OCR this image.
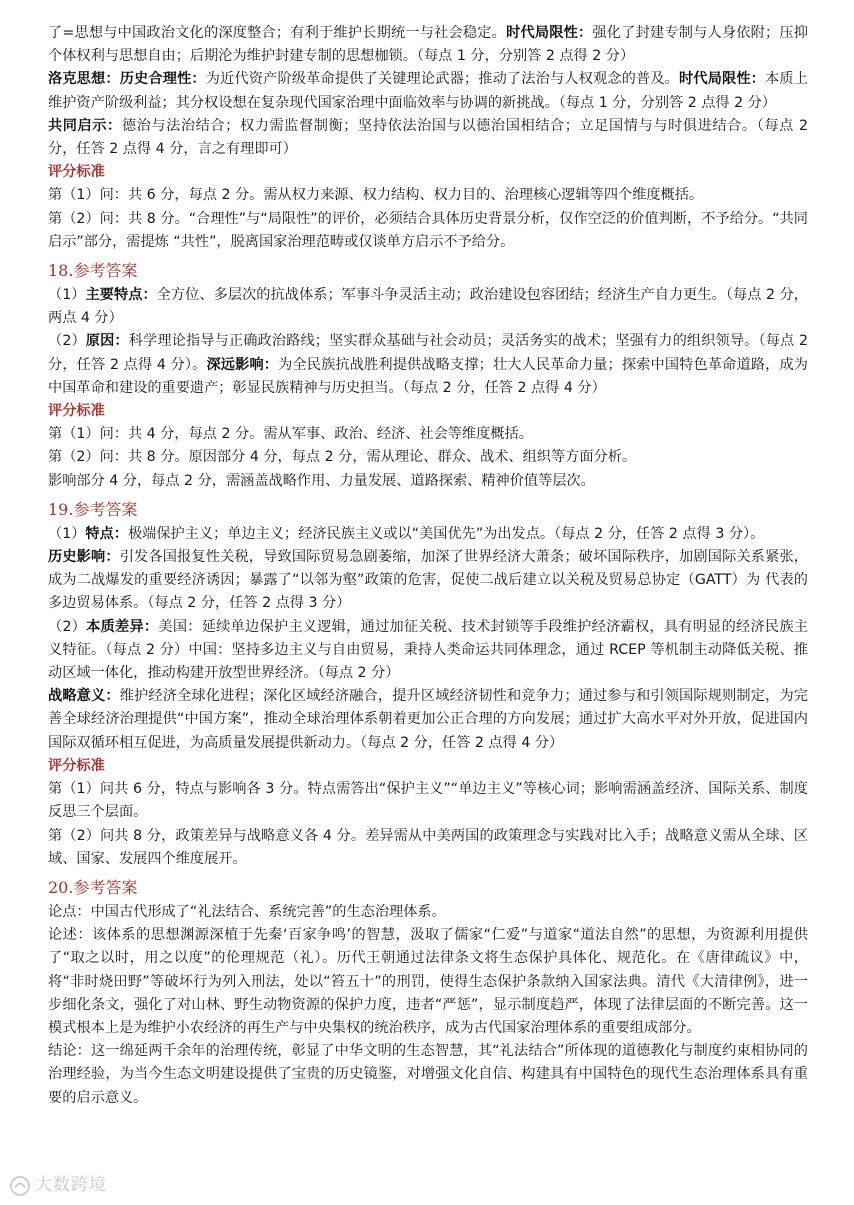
了=思想与中国政治文化的深度整合；有利于维护长期统一与社会稳定。时代局限性：强化了封建专制与人身依附；压抑个体权利与思想自由；后期沦为维护封建专制的思想枷锁。（每点 1 分，分别答 2 点得 2 分）

洛克思想：历史合理性：为近代资产阶级革命提供了关键理论武器；推动了法治与人权观念的普及。时代局限性：本质上维护资产阶级利益；其分权设想在复杂现代国家治理中面临效率与协调的新挑战。（每点 1 分，分别答 2 点得 2 分）

共同启示：德治与法治结合；权力需监督制衡；坚持依法治国与以德治国相结合；立足国情与与时俱进结合。（每点 2 分，任答 2 点得 4 分，言之有理即可）

评分标准

第（1）问：共 6 分，每点 2 分。需从权力来源、权力结构、权力目的、治理核心逻辑等四个维度概括。

第（2）问：共 8 分。“合理性”与“局限性”的评价，必须结合具体历史背景分析，仅作空泛的价值判断，不予给分。“共同启示”部分，需提炼 “共性”，脱离国家治理范畴或仅谈单方启示不予给分。

18.参考答案

（1）主要特点：全方位、多层次的抗战体系；军事斗争灵活主动；政治建设包容团结；经济生产自力更生。（每点 2 分，两点 4 分）

（2）原因：科学理论指导与正确政治路线；坚实群众基础与社会动员；灵活务实的战术；坚强有力的组织领导。（每点 2 分，任答 2 点得 4 分）。深远影响：为全民族抗战胜利提供战略支撑；壮大人民革命力量；探索中国特色革命道路，成为中国革命和建设的重要遗产；彰显民族精神与历史担当。（每点 2 分，任答 2 点得 4 分）

评分标准

第（1）问：共 4 分，每点 2 分。需从军事、政治、经济、社会等维度概括。

第（2）问：共 8 分。原因部分 4 分，每点 2 分，需从理论、群众、战术、组织等方面分析。

影响部分 4 分，每点 2 分，需涵盖战略作用、力量发展、道路探索、精神价值等层次。

19.参考答案

（1）特点：极端保护主义；单边主义；经济民族主义或以“美国优先”为出发点。（每点 2 分，任答 2 点得 3 分）。

历史影响：引发各国报复性关税，导致国际贸易急剧萎缩，加深了世界经济大萧条；破坏国际秩序，加剧国际关系紧张，成为二战爆发的重要经济诱因；暴露了“以邻为壑”政策的危害，促使二战后建立以关税及贸易总协定（GATT）为 代表的多边贸易体系。（每点 2 分，任答 2 点得 3 分）

（2）本质差异：美国：延续单边保护主义逻辑，通过加征关税、技术封锁等手段维护经济霸权，具有明显的经济民族主义特征。（每点 2 分）中国：坚持多边主义与自由贸易，秉持人类命运共同体理念，通过 RCEP 等机制主动降低关税、推动区域一体化，推动构建开放型世界经济。（每点 2 分）

战略意义：维护经济全球化进程；深化区域经济融合，提升区域经济韧性和竞争力；通过参与和引领国际规则制定，为完善全球经济治理提供“中国方案”，推动全球治理体系朝着更加公正合理的方向发展；通过扩大高水平对外开放，促进国内国际双循环相互促进，为高质量发展提供新动力。（每点 2 分，任答 2 点得 4 分）

评分标准

第（1）问共 6 分，特点与影响各 3 分。特点需答出“保护主义”“单边主义”等核心词；影响需涵盖经济、国际关系、制度反思三个层面。

第（2）问共 8 分，政策差异与战略意义各 4 分。差异需从中美两国的政策理念与实践对比入手；战略意义需从全球、区域、国家、发展四个维度展开。

20.参考答案

论点：中国古代形成了“礼法结合、系统完善”的生态治理体系。

论述：该体系的思想渊源深植于先秦‘百家争鸣’的智慧，汲取了儒家“仁爱”与道家“道法自然”的思想，为资源利用提供了“取之以时，用之以度”的伦理规范（礼）。历代王朝通过法律条文将生态保护具体化、规范化。在《唐律疏议》中，将“非时烧田野”等破坏行为列入刑法，处以“笞五十”的刑罚，使得生态保护条款纳入国家法典。清代《大清律例》，进一步细化条文，强化了对山林、野生动物资源的保护力度，违者“严惩”，显示制度趋严，体现了法律层面的不断完善。这一模式根本上是为维护小农经济的再生产与中央集权的统治秩序，成为古代国家治理体系的重要组成部分。

结论：这一绵延两千余年的治理传统，彰显了中华文明的生态智慧，其“礼法结合”所体现的道德教化与制度约束相协同的治理经验，为当今生态文明建设提供了宝贵的历史镜鉴，对增强文化自信、构建具有中国特色的现代生态治理体系具有重要的启示意义。

大数跨境
